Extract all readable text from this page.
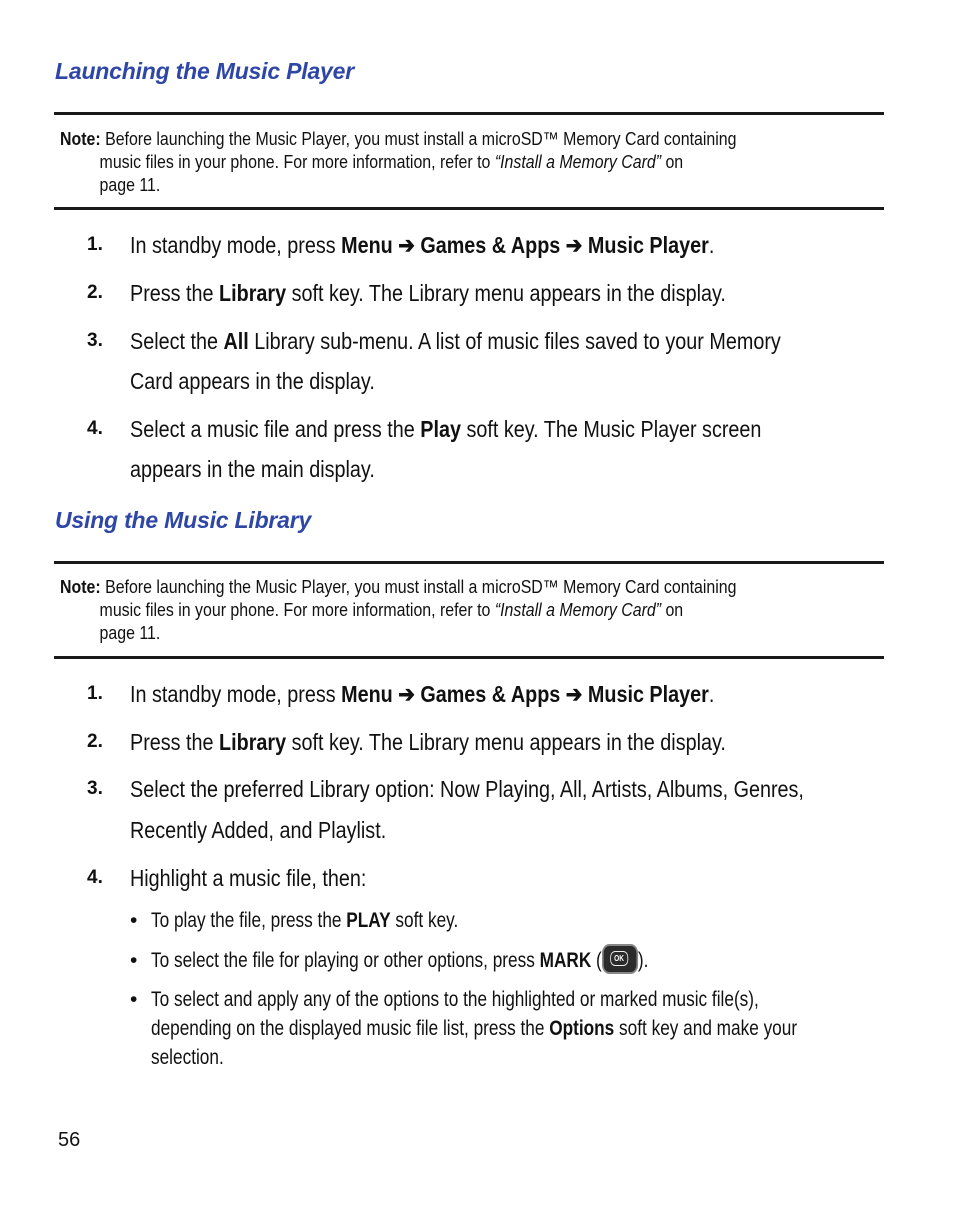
Launching the Music Player
Note: Before launching the Music Player, you must install a microSD™ Memory Card containing
music files in your phone. For more information, refer to “Install a Memory Card” on
page 11.
1. In standby mode, press Menu ➔ Games & Apps ➔ Music Player.
2. Press the Library soft key. The Library menu appears in the display.
3. Select the All Library sub-menu. A list of music files saved to your Memory
Card appears in the display.
4. Select a music file and press the Play soft key. The Music Player screen
appears in the main display.
Using the Music Library
Note: Before launching the Music Player, you must install a microSD™ Memory Card containing
music files in your phone. For more information, refer to “Install a Memory Card” on
page 11.
1. In standby mode, press Menu ➔ Games & Apps ➔ Music Player.
2. Press the Library soft key. The Library menu appears in the display.
3. Select the preferred Library option: Now Playing, All, Artists, Albums, Genres,
Recently Added, and Playlist.
4. Highlight a music file, then:
• To play the file, press the PLAY soft key.
• To select the file for playing or other options, press MARK (	OK ).
• To select and apply any of the options to the highlighted or marked music file(s),
depending on the displayed music file list, press the Options soft key and make your
selection.
56
